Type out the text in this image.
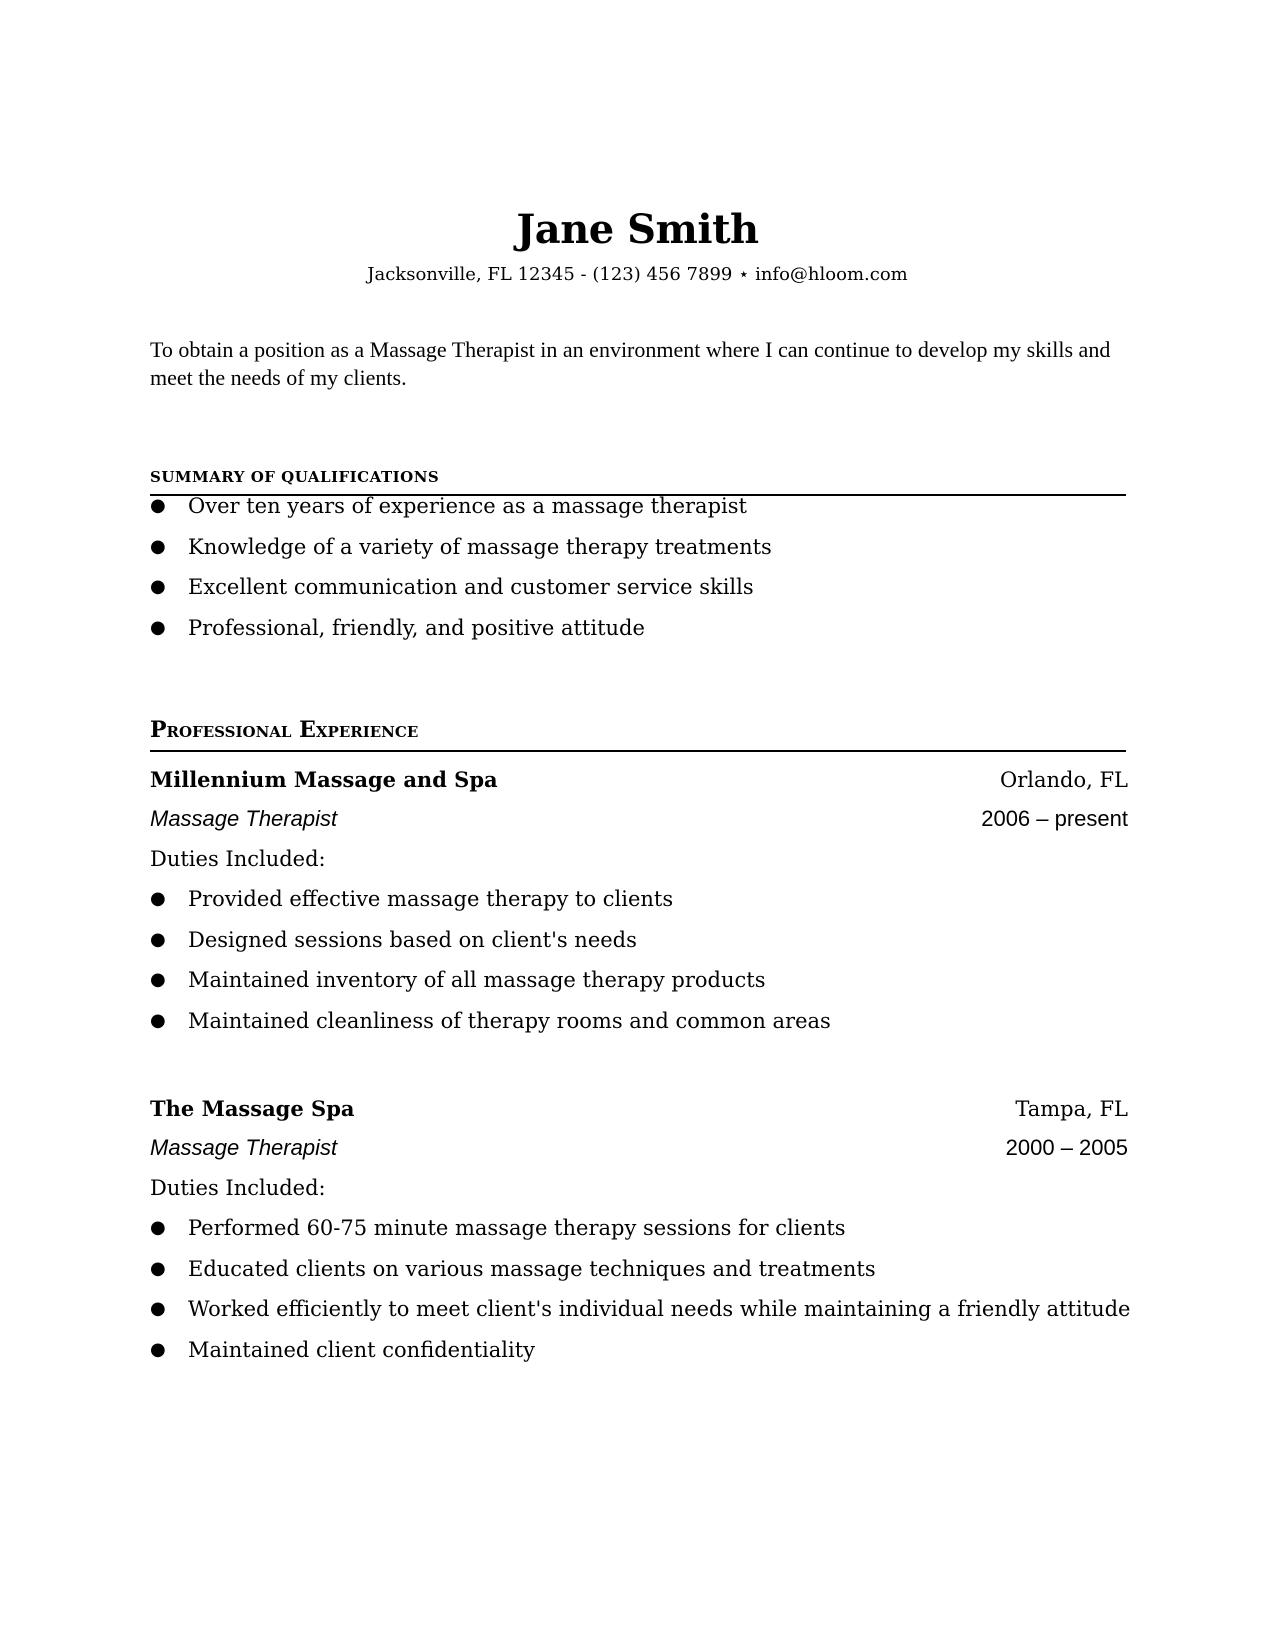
Jane Smith
Jacksonville, FL 12345 - (123) 456 7899 ⋆ info@hloom.com
To obtain a position as a Massage Therapist in an environment where I can continue to develop my skills and meet the needs of my clients.
SUMMARY OF QUALIFICATIONS
● Over ten years of experience as a massage therapist
● Knowledge of a variety of massage therapy treatments
● Excellent communication and customer service skills
● Professional, friendly, and positive attitude
Professional Experience
Millennium Massage and Spa	Orlando, FL
Massage Therapist	2006 – present
Duties Included:
● Provided effective massage therapy to clients
● Designed sessions based on client's needs
● Maintained inventory of all massage therapy products
● Maintained cleanliness of therapy rooms and common areas
The Massage Spa	Tampa, FL
Massage Therapist	2000 – 2005
Duties Included:
● Performed 60-75 minute massage therapy sessions for clients
● Educated clients on various massage techniques and treatments
● Worked efficiently to meet client's individual needs while maintaining a friendly attitude
● Maintained client confidentiality
